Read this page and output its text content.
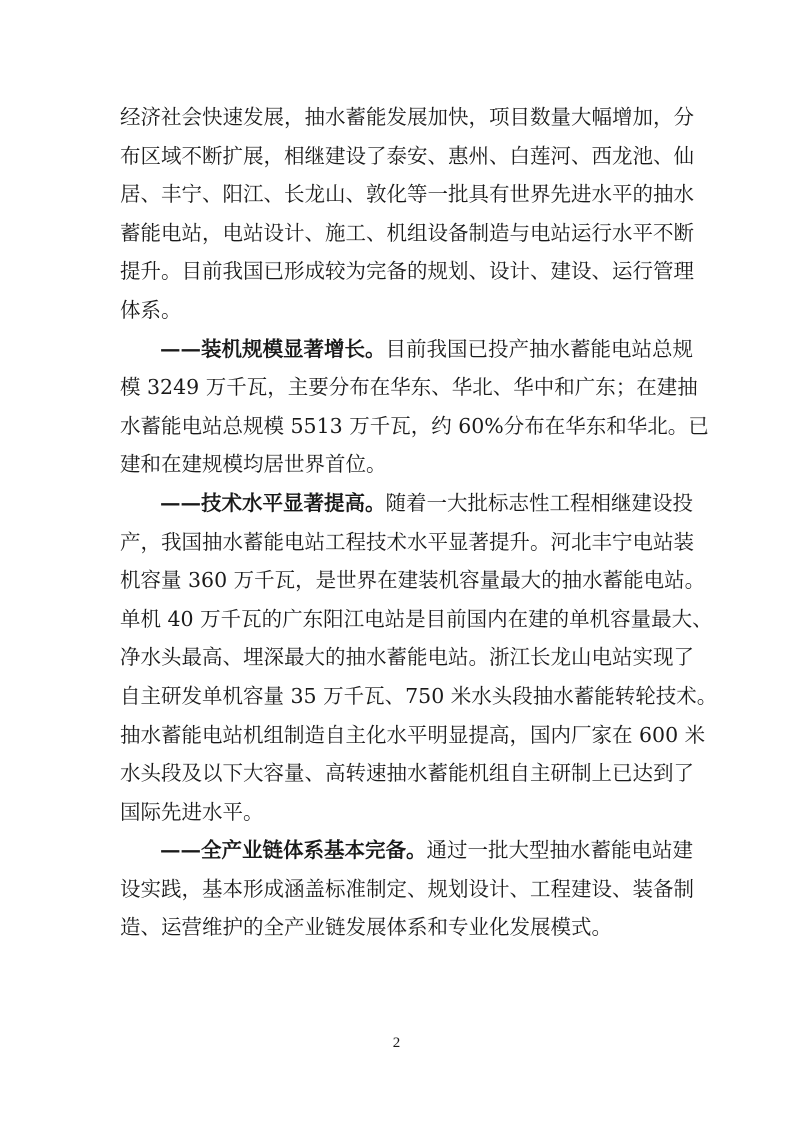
经济社会快速发展，抽水蓄能发展加快，项目数量大幅增加，分
布区域不断扩展，相继建设了泰安、惠州、白莲河、西龙池、仙
居、丰宁、阳江、长龙山、敦化等一批具有世界先进水平的抽水
蓄能电站，电站设计、施工、机组设备制造与电站运行水平不断
提升。目前我国已形成较为完备的规划、设计、建设、运行管理
体系。
——装机规模显著增长。目前我国已投产抽水蓄能电站总规
模 3249 万千瓦，主要分布在华东、华北、华中和广东；在建抽
水蓄能电站总规模 5513 万千瓦，约 60%分布在华东和华北。已
建和在建规模均居世界首位。
——技术水平显著提高。随着一大批标志性工程相继建设投
产，我国抽水蓄能电站工程技术水平显著提升。河北丰宁电站装
机容量 360 万千瓦，是世界在建装机容量最大的抽水蓄能电站。
单机 40 万千瓦的广东阳江电站是目前国内在建的单机容量最大、
净水头最高、埋深最大的抽水蓄能电站。浙江长龙山电站实现了
自主研发单机容量 35 万千瓦、750 米水头段抽水蓄能转轮技术。
抽水蓄能电站机组制造自主化水平明显提高，国内厂家在 600 米
水头段及以下大容量、高转速抽水蓄能机组自主研制上已达到了
国际先进水平。
——全产业链体系基本完备。通过一批大型抽水蓄能电站建
设实践，基本形成涵盖标准制定、规划设计、工程建设、装备制
造、运营维护的全产业链发展体系和专业化发展模式。
2
